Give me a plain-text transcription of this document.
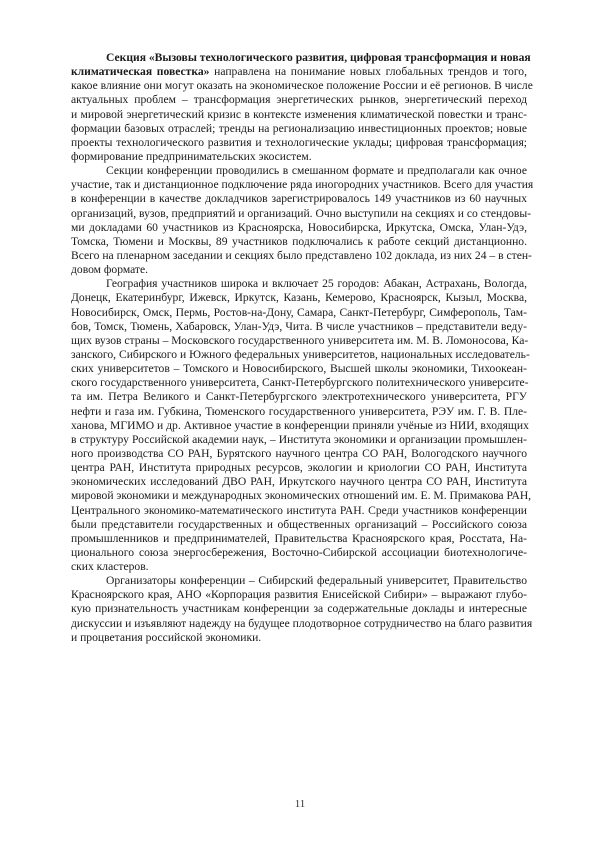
Секция «Вызовы технологического развития, цифровая трансформация и новая
климатическая повестка» направлена на понимание новых глобальных трендов и того,
какое влияние они могут оказать на экономическое положение России и её регионов. В числе
актуальных проблем – трансформация энергетических рынков, энергетический переход
и мировой энергетический кризис в контексте изменения климатической повестки и транс-
формации базовых отраслей; тренды на регионализацию инвестиционных проектов; новые
проекты технологического развития и технологические уклады; цифровая трансформация;
формирование предпринимательских экосистем.
Секции конференции проводились в смешанном формате и предполагали как очное
участие, так и дистанционное подключение ряда иногородних участников. Всего для участия
в конференции в качестве докладчиков зарегистрировалось 149 участников из 60 научных
организаций, вузов, предприятий и организаций. Очно выступили на секциях и со стендовы-
ми докладами 60 участников из Красноярска, Новосибирска, Иркутска, Омска, Улан-Удэ,
Томска, Тюмени и Москвы, 89 участников подключались к работе секций дистанционно.
Всего на пленарном заседании и секциях было представлено 102 доклада, из них 24 – в стен-
довом формате.
География участников широка и включает 25 городов: Абакан, Астрахань, Вологда,
Донецк, Екатеринбург, Ижевск, Иркутск, Казань, Кемерово, Красноярск, Кызыл, Москва,
Новосибирск, Омск, Пермь, Ростов-на-Дону, Самара, Санкт-Петербург, Симферополь, Там-
бов, Томск, Тюмень, Хабаровск, Улан-Удэ, Чита. В числе участников – представители веду-
щих вузов страны – Московского государственного университета им. М. В. Ломоносова, Ка-
занского, Сибирского и Южного федеральных университетов, национальных исследователь-
ских университетов – Томского и Новосибирского, Высшей школы экономики, Тихоокеан-
ского государственного университета, Санкт-Петербургского политехнического университе-
та им. Петра Великого и Санкт-Петербургского электротехнического университета, РГУ
нефти и газа им. Губкина, Тюменского государственного университета, РЭУ им. Г. В. Пле-
ханова, МГИМО и др. Активное участие в конференции приняли учёные из НИИ, входящих
в структуру Российской академии наук, – Института экономики и организации промышлен-
ного производства СО РАН, Бурятского научного центра СО РАН, Вологодского научного
центра РАН, Института природных ресурсов, экологии и криологии СО РАН, Института
экономических исследований ДВО РАН, Иркутского научного центра СО РАН, Института
мировой экономики и международных экономических отношений им. Е. М. Примакова РАН,
Центрального экономико-математического института РАН. Среди участников конференции
были представители государственных и общественных организаций – Российского союза
промышленников и предпринимателей, Правительства Красноярского края, Росстата, На-
ционального союза энергосбережения, Восточно-Сибирской ассоциации биотехнологиче-
ских кластеров.
Организаторы конференции – Сибирский федеральный университет, Правительство
Красноярского края, АНО «Корпорация развития Енисейской Сибири» – выражают глубо-
кую признательность участникам конференции за содержательные доклады и интересные
дискуссии и изъявляют надежду на будущее плодотворное сотрудничество на благо развития
и процветания российской экономики.
11
